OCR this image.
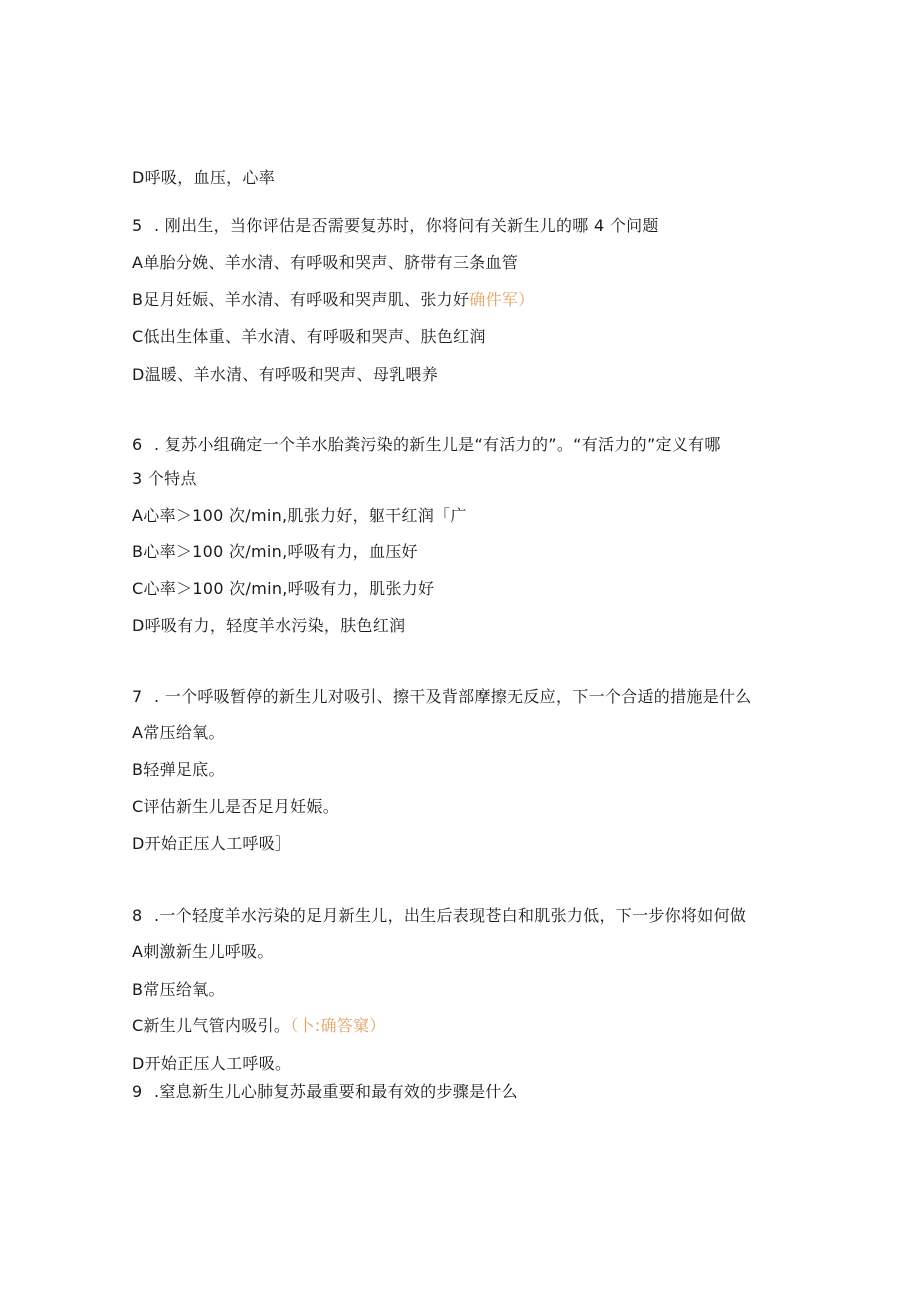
D呼吸，血压，心率
5 . 刚出生，当你评估是否需要复苏时，你将问有关新生儿的哪 4 个问题
A单胎分娩、羊水清、有呼吸和哭声、脐带有三条血管
B足月妊娠、羊水清、有呼吸和哭声肌、张力好确件军）
C低出生体重、羊水清、有呼吸和哭声、肤色红润
D温暖、羊水清、有呼吸和哭声、母乳喂养
6 . 复苏小组确定一个羊水胎粪污染的新生儿是“有活力的”。“有活力的”定义有哪
3 个特点
A心率＞100 次∕min,肌张力好，躯干红润「广
B心率＞100 次∕min,呼吸有力，血压好
C心率＞100 次∕min,呼吸有力，肌张力好
D呼吸有力，轻度羊水污染，肤色红润
7 . 一个呼吸暂停的新生儿对吸引、擦干及背部摩擦无反应，下一个合适的措施是什么
A常压给氧。
B轻弹足底。
C评估新生儿是否足月妊娠。
D开始正压人工呼吸］
8 .一个轻度羊水污染的足月新生儿，出生后表现苍白和肌张力低，下一步你将如何做
A刺激新生儿呼吸。
B常压给氧。
C新生儿气管内吸引。（卜:确答窠）
D开始正压人工呼吸。
9 .窒息新生儿心肺复苏最重要和最有效的步骤是什么
